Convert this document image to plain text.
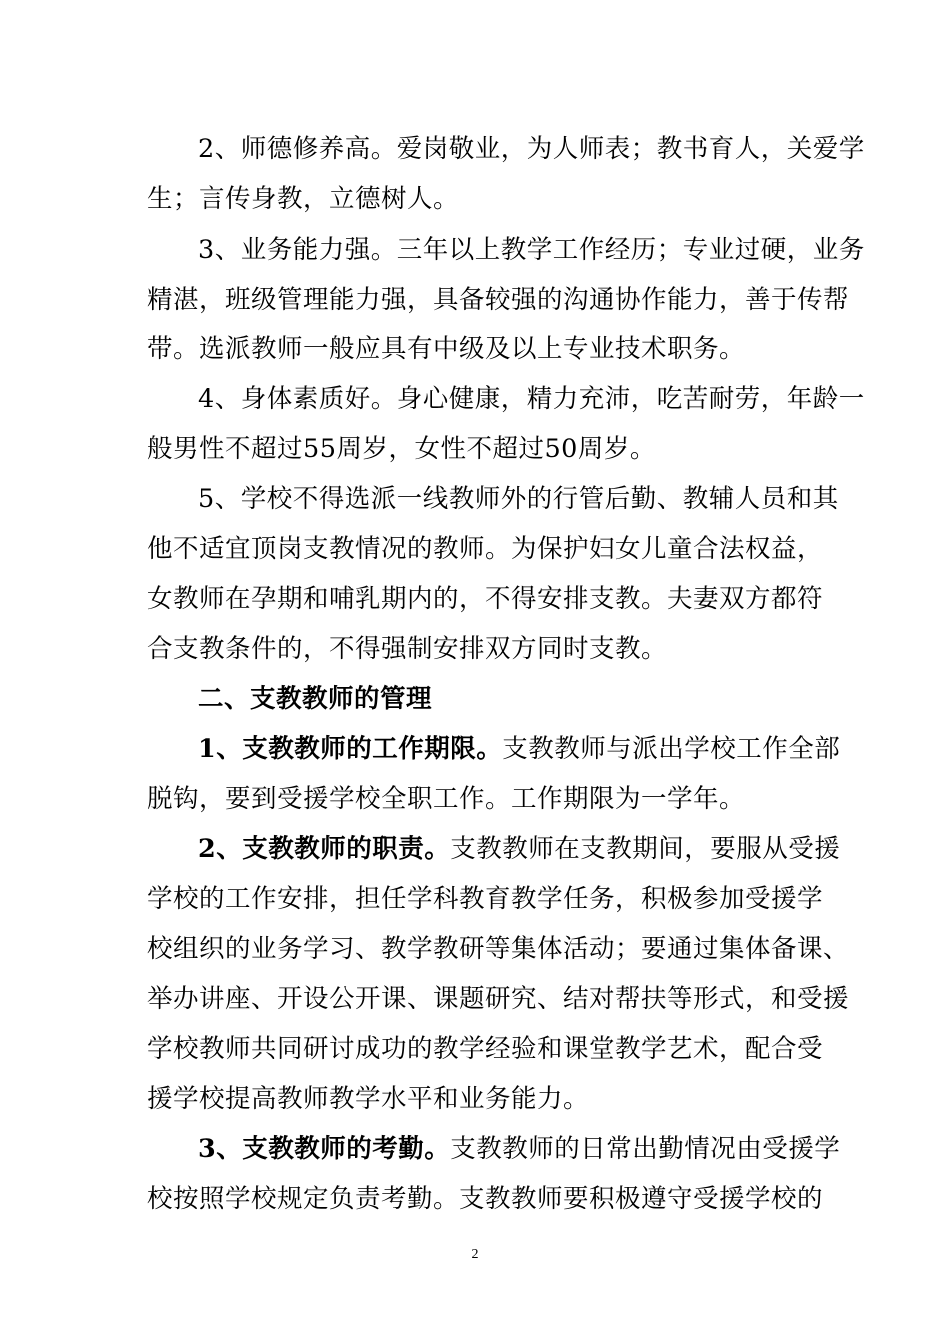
2、师德修养高。爱岗敬业，为人师表；教书育人，关爱学
生；言传身教，立德树人。
3、业务能力强。三年以上教学工作经历；专业过硬，业务
精湛，班级管理能力强，具备较强的沟通协作能力，善于传帮
带。选派教师一般应具有中级及以上专业技术职务。
4、身体素质好。身心健康，精力充沛，吃苦耐劳，年龄一
般男性不超过55周岁，女性不超过50周岁。
5、学校不得选派一线教师外的行管后勤、教辅人员和其
他不适宜顶岗支教情况的教师。为保护妇女儿童合法权益，
女教师在孕期和哺乳期内的，不得安排支教。夫妻双方都符
合支教条件的，不得强制安排双方同时支教。
二、支教教师的管理
1、支教教师的工作期限。支教教师与派出学校工作全部
脱钩，要到受援学校全职工作。工作期限为一学年。
2、支教教师的职责。支教教师在支教期间，要服从受援
学校的工作安排，担任学科教育教学任务，积极参加受援学
校组织的业务学习、教学教研等集体活动；要通过集体备课、
举办讲座、开设公开课、课题研究、结对帮扶等形式，和受援
学校教师共同研讨成功的教学经验和课堂教学艺术，配合受
援学校提高教师教学水平和业务能力。
3、支教教师的考勤。支教教师的日常出勤情况由受援学
校按照学校规定负责考勤。支教教师要积极遵守受援学校的
2
